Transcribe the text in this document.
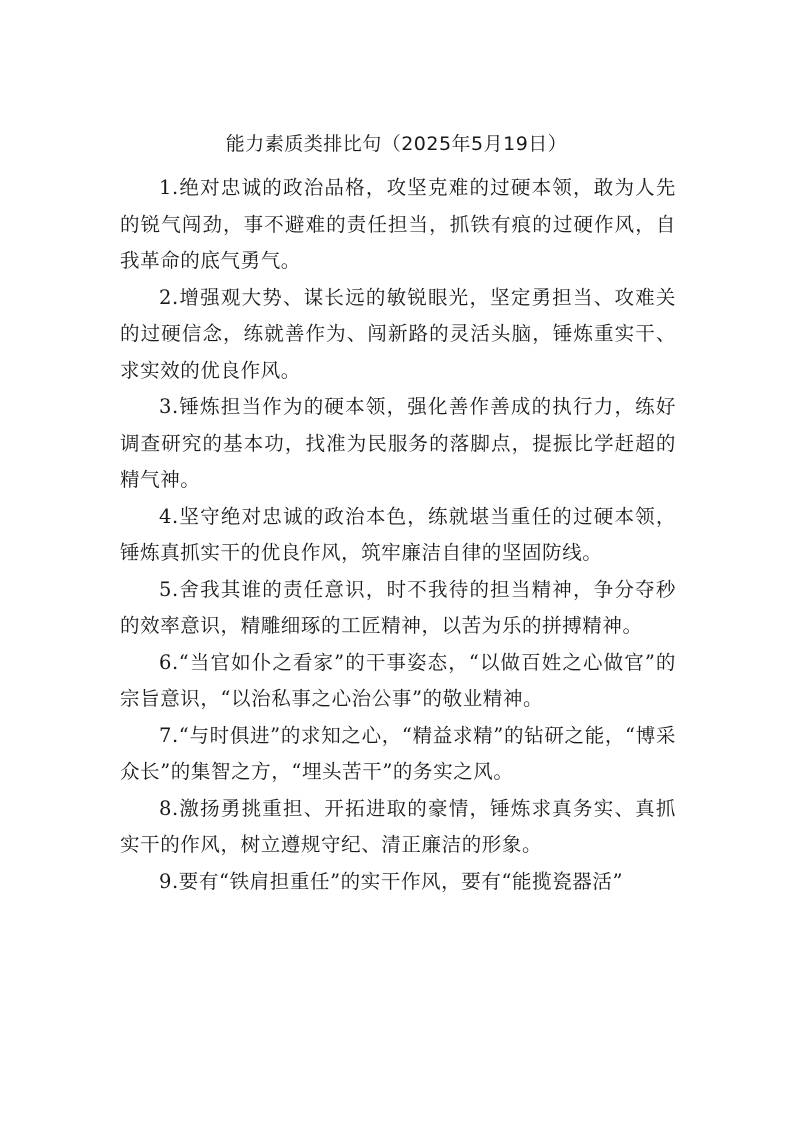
能力素质类排比句（2025年5月19日）

1.绝对忠诚的政治品格，攻坚克难的过硬本领，敢为人先的锐气闯劲，事不避难的责任担当，抓铁有痕的过硬作风，自我革命的底气勇气。

2.增强观大势、谋长远的敏锐眼光，坚定勇担当、攻难关的过硬信念，练就善作为、闯新路的灵活头脑，锤炼重实干、求实效的优良作风。

3.锤炼担当作为的硬本领，强化善作善成的执行力，练好调查研究的基本功，找准为民服务的落脚点，提振比学赶超的精气神。

4.坚守绝对忠诚的政治本色，练就堪当重任的过硬本领，锤炼真抓实干的优良作风，筑牢廉洁自律的坚固防线。

5.舍我其谁的责任意识，时不我待的担当精神，争分夺秒的效率意识，精雕细琢的工匠精神，以苦为乐的拼搏精神。

6.“当官如仆之看家”的干事姿态，“以做百姓之心做官”的宗旨意识，“以治私事之心治公事”的敬业精神。

7.“与时俱进”的求知之心，“精益求精”的钻研之能，“博采众长”的集智之方，“埋头苦干”的务实之风。

8.激扬勇挑重担、开拓进取的豪情，锤炼求真务实、真抓实干的作风，树立遵规守纪、清正廉洁的形象。

9.要有“铁肩担重任”的实干作风，要有“能揽瓷器活”
